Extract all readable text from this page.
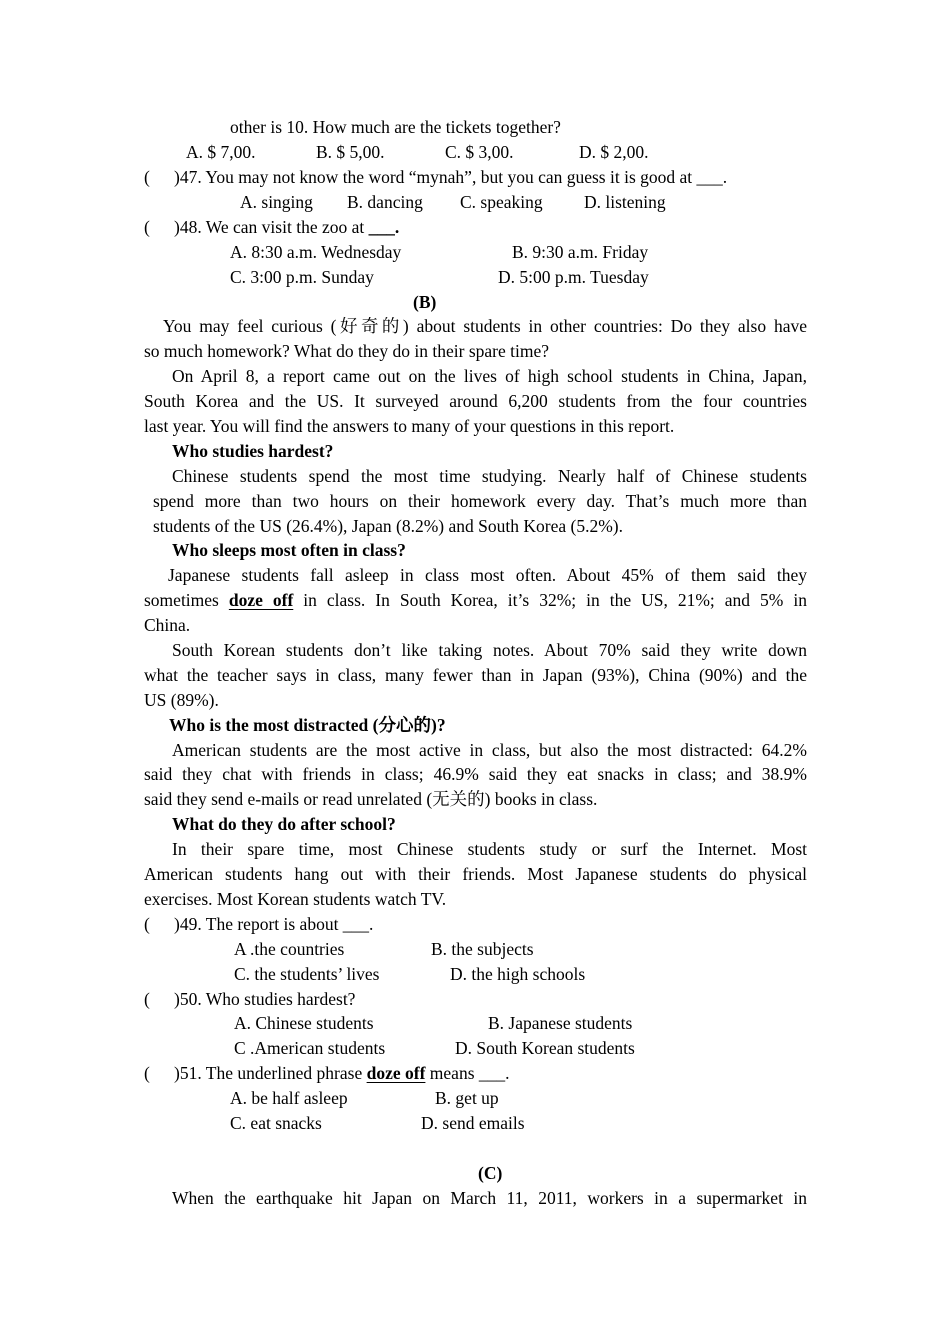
other is 10. How much are the tickets together?
A. $ 7,00.	B. $ 5,00.	C. $ 3,00.	D. $ 2,00.
( )47. You may not know the word “mynah”, but you can guess it is good at ___.
A. singing B. dancing C. speaking D. listening
( )48. We can visit the zoo at ___.
A. 8:30 a.m. Wednesday	B. 9:30 a.m. Friday
C. 3:00 p.m. Sunday	D. 5:00 p.m. Tuesday
(B)
You may feel curious (好奇的) about students in other countries: Do they also have
so much homework? What do they do in their spare time?
On April 8, a report came out on the lives of high school students in China, Japan,
South Korea and the US. It surveyed around 6,200 students from the four countries
last year. You will find the answers to many of your questions in this report.
Who studies hardest?
Chinese students spend the most time studying. Nearly half of Chinese students
spend more than two hours on their homework every day. That’s much more than
students of the US (26.4%), Japan (8.2%) and South Korea (5.2%).
Who sleeps most often in class?
Japanese students fall asleep in class most often. About 45% of them said they
sometimes doze off in class. In South Korea, it’s 32%; in the US, 21%; and 5% in
China.
South Korean students don’t like taking notes. About 70% said they write down
what the teacher says in class, many fewer than in Japan (93%), China (90%) and the
US (89%).
Who is the most distracted (分心的)?
American students are the most active in class, but also the most distracted: 64.2%
said they chat with friends in class; 46.9% said they eat snacks in class; and 38.9%
said they send e-mails or read unrelated (无关的) books in class.
What do they do after school?
In their spare time, most Chinese students study or surf the Internet. Most
American students hang out with their friends. Most Japanese students do physical
exercises. Most Korean students watch TV.
( )49. The report is about ___.
A .the countries	B. the subjects
C. the students’ lives	D. the high schools
( )50. Who studies hardest?
A. Chinese students	B. Japanese students
C .American students	D. South Korean students
( )51. The underlined phrase doze off means ___.
A. be half asleep	B. get up
C. eat snacks	D. send emails
(C)
When the earthquake hit Japan on March 11, 2011, workers in a supermarket in
